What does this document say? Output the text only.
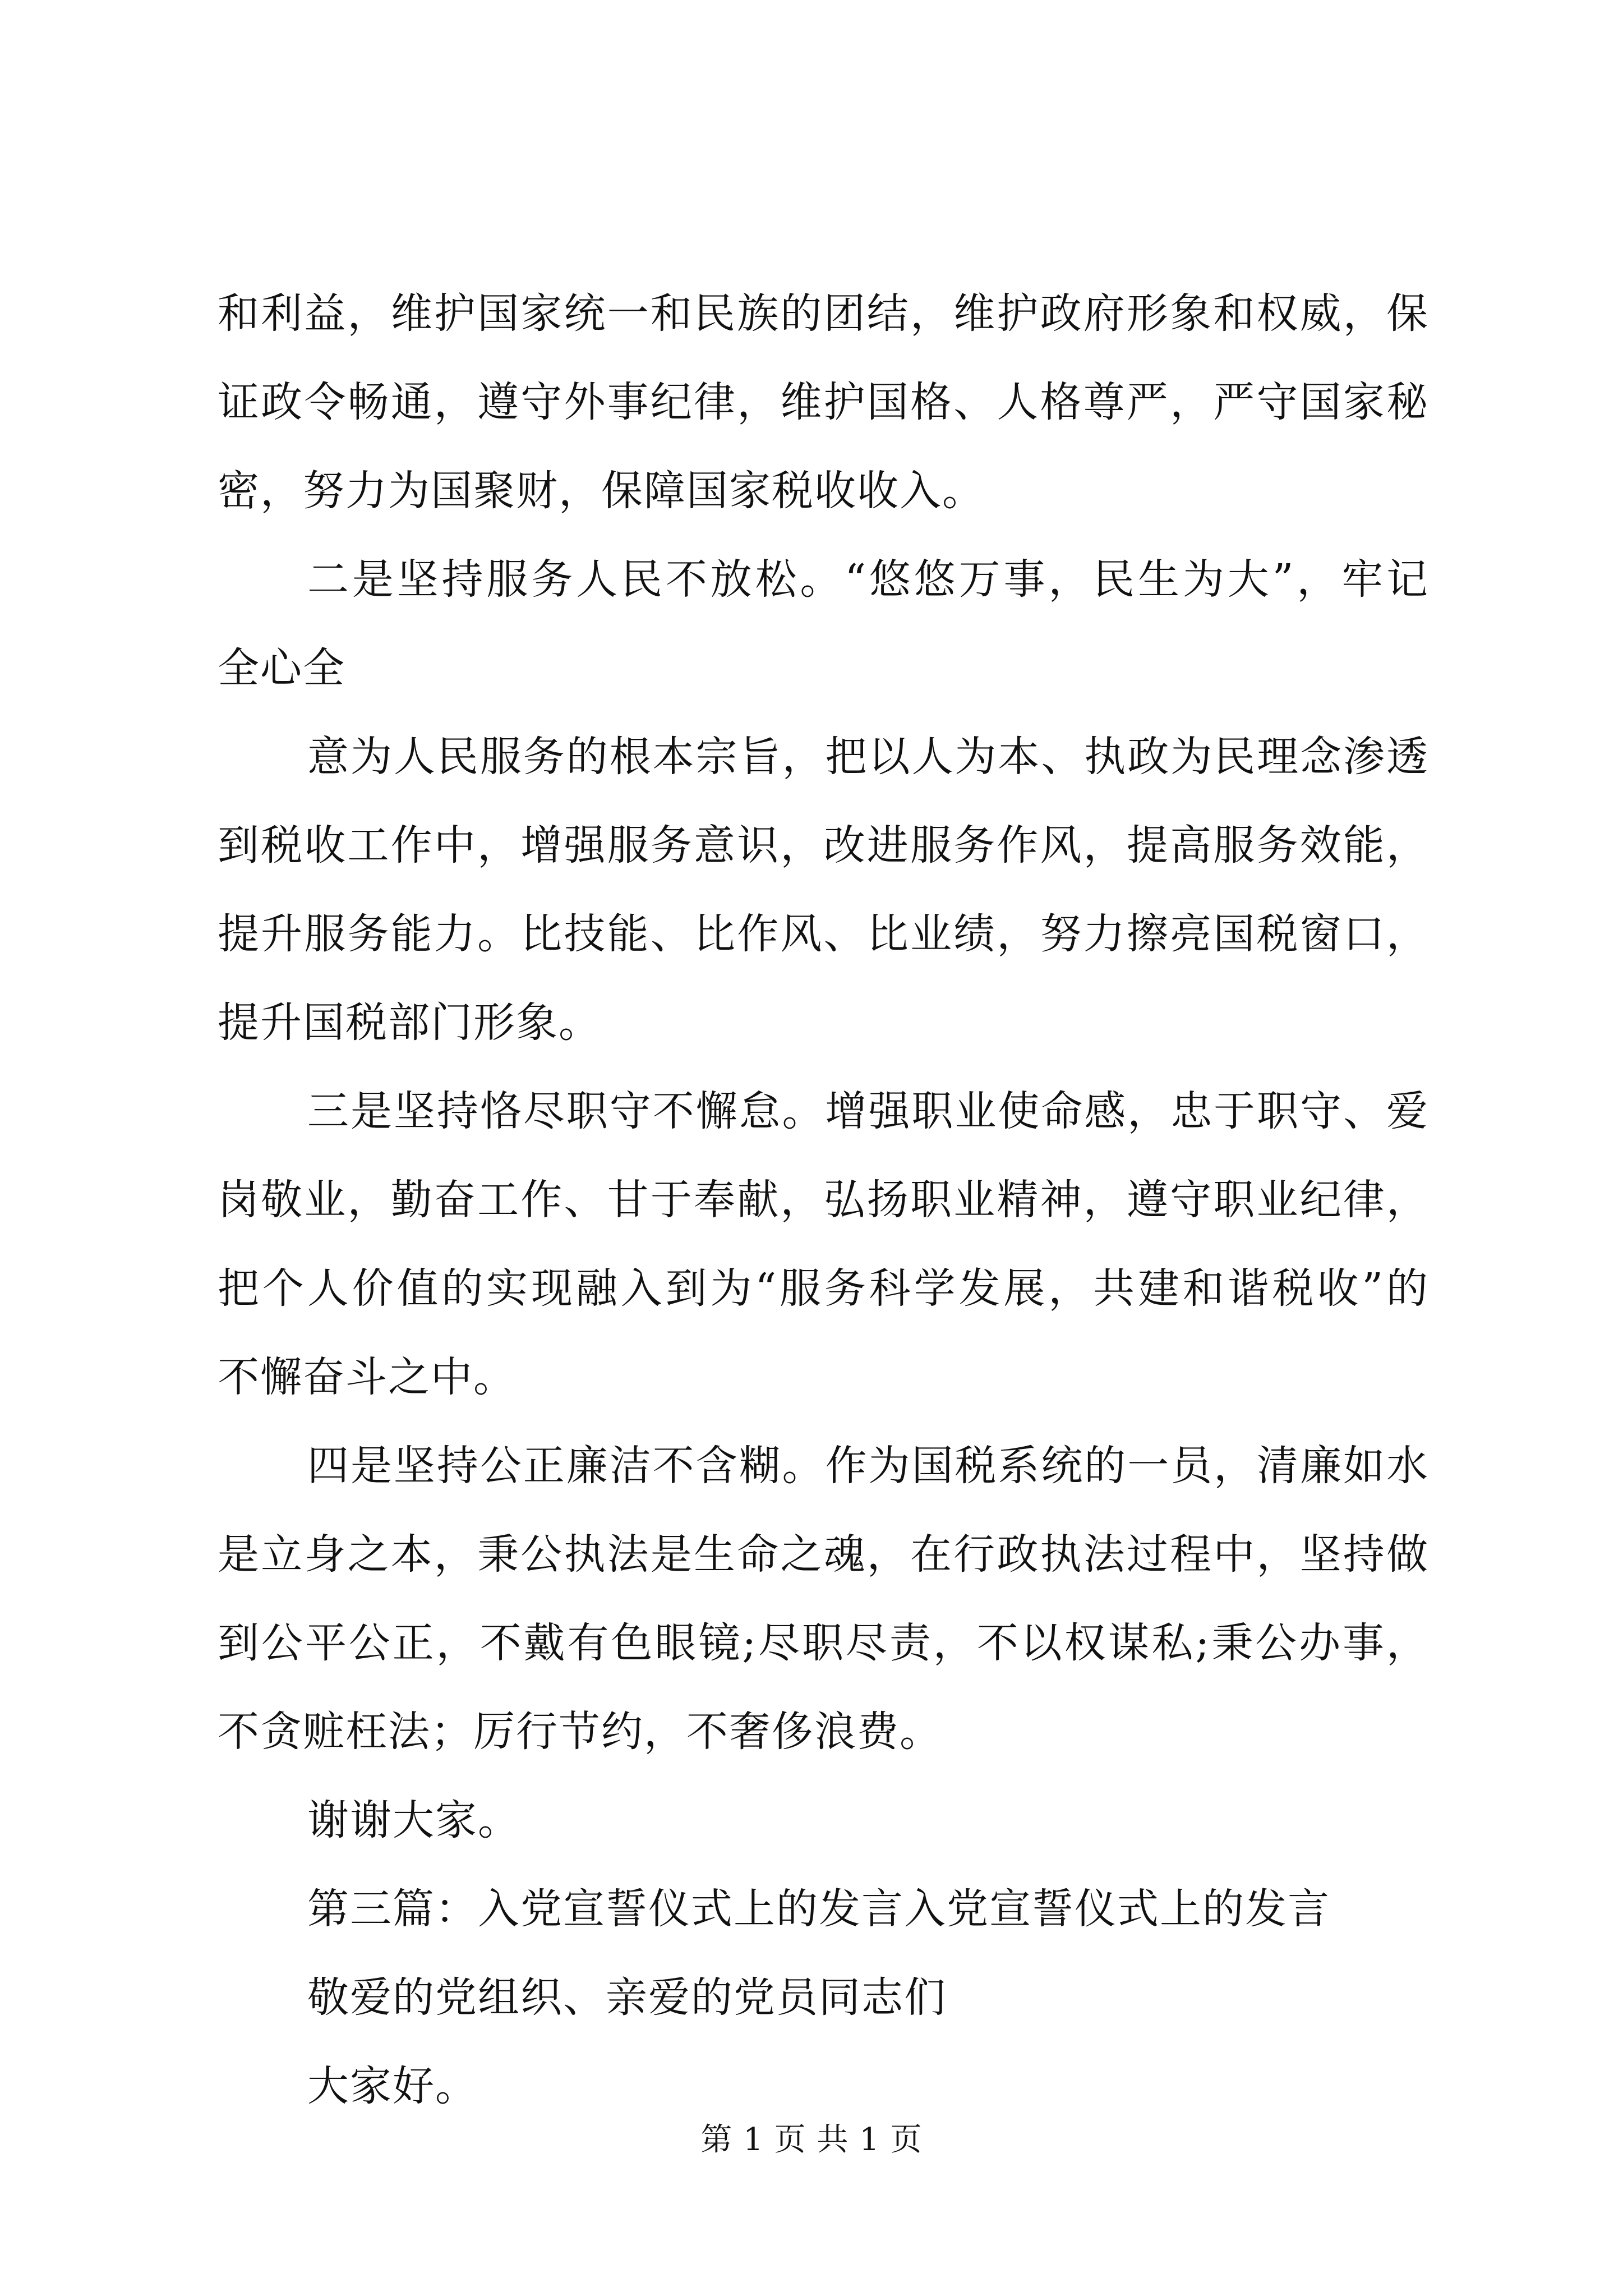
和利益，维护国家统一和民族的团结，维护政府形象和权威，保
证政令畅通，遵守外事纪律，维护国格、人格尊严，严守国家秘
密，努力为国聚财，保障国家税收收入。
二是坚持服务人民不放松。“悠悠万事，民生为大”，牢记
全心全
意为人民服务的根本宗旨，把以人为本、执政为民理念渗透
到税收工作中，增强服务意识，改进服务作风，提高服务效能，
提升服务能力。比技能、比作风、比业绩，努力擦亮国税窗口，
提升国税部门形象。
三是坚持恪尽职守不懈怠。增强职业使命感，忠于职守、爱
岗敬业，勤奋工作、甘于奉献，弘扬职业精神，遵守职业纪律，
把个人价值的实现融入到为“服务科学发展，共建和谐税收”的
不懈奋斗之中。
四是坚持公正廉洁不含糊。作为国税系统的一员，清廉如水
是立身之本，秉公执法是生命之魂，在行政执法过程中，坚持做
到公平公正，不戴有色眼镜;尽职尽责，不以权谋私;秉公办事，
不贪赃枉法；厉行节约，不奢侈浪费。
谢谢大家。
第三篇：入党宣誓仪式上的发言入党宣誓仪式上的发言
敬爱的党组织、亲爱的党员同志们
大家好。
第 1 页 共 1 页
